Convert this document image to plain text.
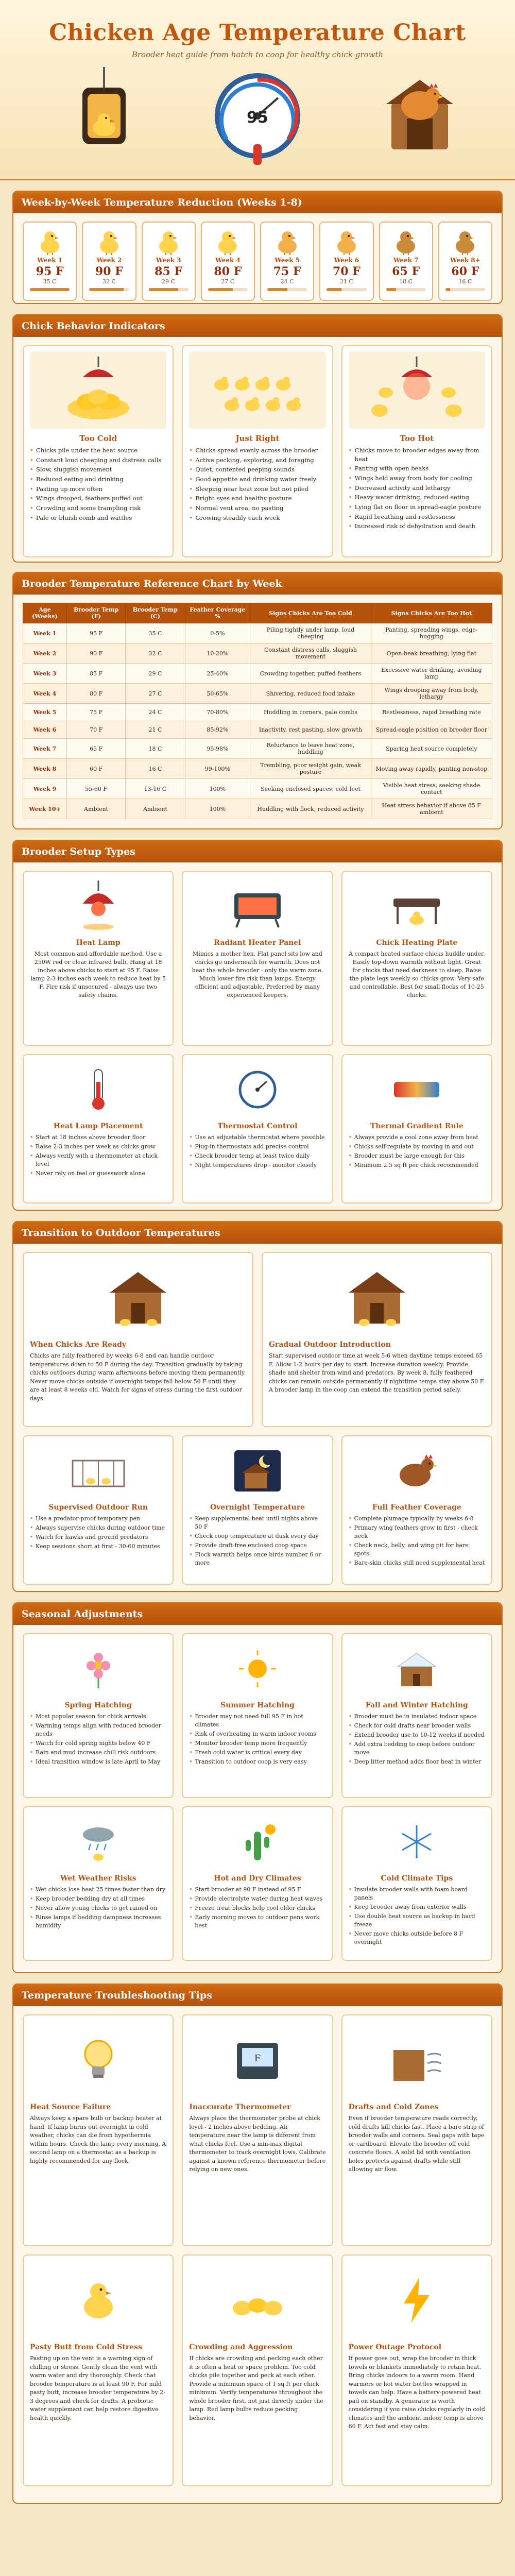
Chicken Age Temperature Chart
Brooder heat guide from hatch to coop for healthy chick growth
95
Week-by-Week Temperature Reduction (Weeks 1-8)
Week 1
95 F
35 C
Week 2
90 F
32 C
Week 3
85 F
29 C
Week 4
80 F
27 C
Week 5
75 F
24 C
Week 6
70 F
21 C
Week 7
65 F
18 C
Week 8+
60 F
16 C
Chick Behavior Indicators
Too Cold
• Chicks pile under the heat source
• Constant loud cheeping and distress calls
• Slow, sluggish movement
• Reduced eating and drinking
• Pasting up more often
• Wings drooped, feathers puffed out
• Crowding and some trampling risk
• Pale or bluish comb and wattles
Just Right
• Chicks spread evenly across the brooder
• Active pecking, exploring, and foraging
• Quiet, contented peeping sounds
• Good appetite and drinking water freely
• Sleeping near heat zone but not piled
• Bright eyes and healthy posture
• Normal vent area, no pasting
• Growing steadily each week
Too Hot
• Chicks move to brooder edges away from heat
• Panting with open beaks
• Wings held away from body for cooling
• Decreased activity and lethargy
• Heavy water drinking, reduced eating
• Lying flat on floor in spread-eagle posture
• Rapid breathing and restlessness
• Increased risk of dehydration and death
Brooder Temperature Reference Chart by Week
Age (Weeks)	Brooder Temp (F)	Brooder Temp (C)	Feather Coverage %	Signs Chicks Are Too Cold	Signs Chicks Are Too Hot
Week 1	95 F	35 C	0-5%	Piling tightly under lamp, loud cheeping	Panting, spreading wings, edge-hugging
Week 2	90 F	32 C	10-20%	Constant distress calls, sluggish movement	Open-beak breathing, lying flat
Week 3	85 F	29 C	25-40%	Crowding together, puffed feathers	Excessive water drinking, avoiding lamp
Week 4	80 F	27 C	50-65%	Shivering, reduced food intake	Wings drooping away from body, lethargy
Week 5	75 F	24 C	70-80%	Huddling in corners, pale combs	Restlessness, rapid breathing rate
Week 6	70 F	21 C	85-92%	Inactivity, rest pasting, slow growth	Spread-eagle position on brooder floor
Week 7	65 F	18 C	95-98%	Reluctance to leave heat zone, huddling	Sparing heat source completely
Week 8	60 F	16 C	99-100%	Trembling, poor weight gain, weak posture	Moving away rapidly, panting non-stop
Week 9	55-60 F	13-16 C	100%	Seeking enclosed spaces, cold feet	Visible heat stress, seeking shade contact
Week 10+	Ambient	Ambient	100%	Huddling with flock, reduced activity	Heat stress behavior if above 85 F ambient
Brooder Setup Types
Heat Lamp

Most common and affordable method. Use a 250W red or clear infrared bulb. Hang at 18 inches above chicks to start at 95 F. Raise lamp 2-3 inches each week to reduce heat by 5 F. Fire risk if unsecured - always use two safety chains.

Radiant Heater Panel

Mimics a mother hen. Flat panel sits low and chicks go underneath for warmth. Does not heat the whole brooder - only the warm zone. Much lower fire risk than lamps. Energy efficient and adjustable. Preferred by many experienced keepers.

Chick Heating Plate

A compact heated surface chicks huddle under. Easily top-down warmth without light. Great for chicks that need darkness to sleep. Raise the plate legs weekly so chicks grow. Very safe and controllable. Best for small flocks of 10-25 chicks.

Heat Lamp Placement
• Start at 18 inches above brooder floor
• Raise 2-3 inches per week as chicks grow
• Always verify with a thermometer at chick level
• Never rely on feel or guesswork alone
Thermostat Control
• Use an adjustable thermostat where possible
• Plug-in thermostats add precise control
• Check brooder temp at least twice daily
• Night temperatures drop - monitor closely
Thermal Gradient Rule
• Always provide a cool zone away from heat
• Chicks self-regulate by moving in and out
• Brooder must be large enough for this
• Minimum 2.5 sq ft per chick recommended
Transition to Outdoor Temperatures
When Chicks Are Ready

Chicks are fully feathered by weeks 6-8 and can handle outdoor temperatures down to 50 F during the day. Transition gradually by taking chicks outdoors during warm afternoons before moving them permanently. Never move chicks outside if overnight temps fall below 50 F until they are at least 8 weeks old. Watch for signs of stress during the first outdoor days.

Gradual Outdoor Introduction

Start supervised outdoor time at week 5-6 when daytime temps exceed 65 F. Allow 1-2 hours per day to start. Increase duration weekly. Provide shade and shelter from wind and predators. By week 8, fully feathered chicks can remain outside permanently if nighttime temps stay above 50 F. A brooder lamp in the coop can extend the transition period safely.

Supervised Outdoor Run
• Use a predator-proof temporary pen
• Always supervise chicks during outdoor time
• Watch for hawks and ground predators
• Keep sessions short at first - 30-60 minutes
Overnight Temperature
• Keep supplemental heat until nights above 50 F
• Check coop temperature at dusk every day
• Provide draft-free enclosed coop space
• Flock warmth helps once birds number 6 or more
Full Feather Coverage
• Complete plumage typically by weeks 6-8
• Primary wing feathers grow in first - check neck
• Check neck, belly, and wing pit for bare spots
• Bare-skin chicks still need supplemental heat
Seasonal Adjustments
Spring Hatching
• Most popular season for chick arrivals
• Warming temps align with reduced brooder needs
• Watch for cold spring nights below 40 F
• Rain and mud increase chill risk outdoors
• Ideal transition window is late April to May
Summer Hatching
• Brooder may not need full 95 F in hot climates
• Risk of overheating in warm indoor rooms
• Monitor brooder temp more frequently
• Fresh cold water is critical every day
• Transition to outdoor coop is very easy
Fall and Winter Hatching
• Brooder must be in insulated indoor space
• Check for cold drafts near brooder walls
• Extend brooder use to 10-12 weeks if needed
• Add extra bedding to coop before outdoor move
• Deep litter method adds floor heat in winter
Wet Weather Risks
• Wet chicks lose heat 25 times faster than dry
• Keep brooder bedding dry at all times
• Never allow young chicks to get rained on
• Rinse lamps if bedding dampness increases humidity
Hot and Dry Climates
• Start brooder at 90 F instead of 95 F
• Provide electrolyte water during heat waves
• Freeze treat blocks help cool older chicks
• Early morning moves to outdoor pens work best
Cold Climate Tips
• Insulate brooder walls with foam board panels
• Keep brooder away from exterior walls
• Use double heat source as backup in hard freeze
• Never move chicks outside before 8 F overnight
Temperature Troubleshooting Tips
Heat Source Failure

Always keep a spare bulb or backup heater at hand. If lamp burns out overnight in cold weather, chicks can die from hypothermia within hours. Check the lamp every morning. A second lamp on a thermostat as a backup is highly recommended for any flock.

F
Inaccurate Thermometer

Always place the thermometer probe at chick level - 2 inches above bedding. Air temperature near the lamp is different from what chicks feel. Use a min-max digital thermometer to track overnight lows. Calibrate against a known reference thermometer before relying on new ones.

Drafts and Cold Zones

Even if brooder temperature reads correctly, cold drafts kill chicks fast. Place a bare strip of brooder walls and corners. Seal gaps with tape or cardboard. Elevate the brooder off cold concrete floors. A solid lid with ventilation holes protects against drafts while still allowing air flow.

Pasty Butt from Cold Stress

Pasting up on the vent is a warning sign of chilling or stress. Gently clean the vent with warm water and dry thoroughly. Check that brooder temperature is at least 90 F. For mild pasty butt, increase brooder temperature by 2-3 degrees and check for drafts. A probiotic water supplement can help restore digestive health quickly.

Crowding and Aggression

If chicks are crowding and pecking each other it is often a heat or space problem. Too cold chicks pile together and peck at each other. Provide a minimum space of 1 sq ft per chick minimum. Verify temperatures throughout the whole brooder first, not just directly under the lamp. Red lamp bulbs reduce pecking behavior.

Power Outage Protocol

If power goes out, wrap the brooder in thick towels or blankets immediately to retain heat. Bring chicks indoors to a warm room. Hand warmers or hot water bottles wrapped in towels can help. Have a battery-powered heat pad on standby. A generator is worth considering if you raise chicks regularly in cold climates and the ambient indoor temp is above 60 F. Act fast and stay calm.
